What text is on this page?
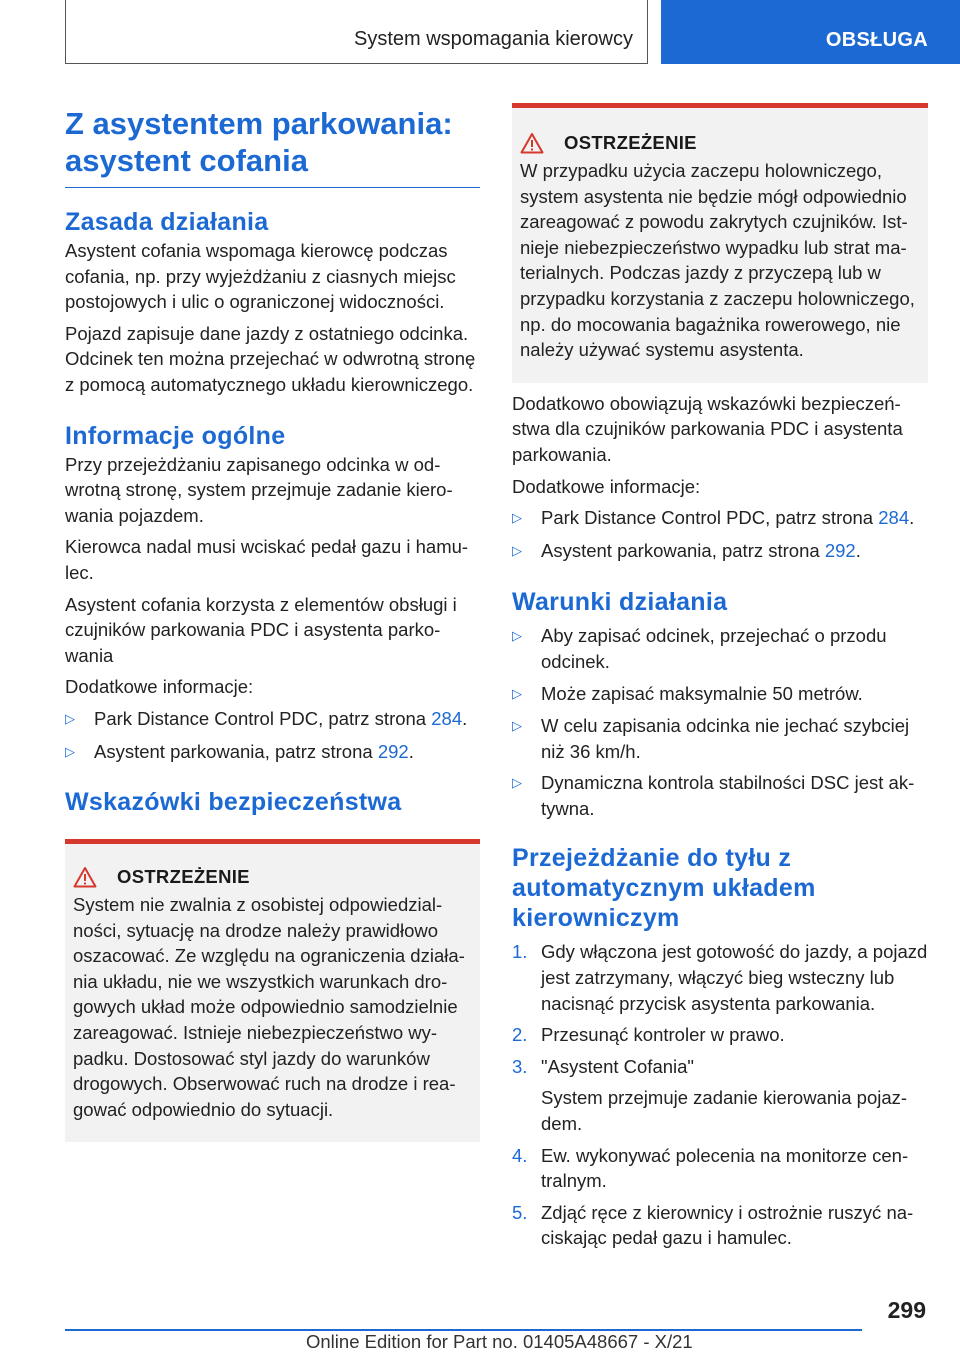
System wspomagania kierowcy	OBSŁUGA
Z asystentem parkowania: asystent cofania
Zasada działania

Asystent cofania wspomaga kierowcę podczas cofania, np. przy wyjeżdżaniu z ciasnych miejsc postojowych i ulic o ograniczonej widoczności.

Pojazd zapisuje dane jazdy z ostatniego odcinka. Odcinek ten można przejechać w odwrotną stronę z pomocą automatycznego układu kierowniczego.

Informacje ogólne

Przy przejeżdżaniu zapisanego odcinka w odwrotną stronę, system przejmuje zadanie kierowania pojazdem.

Kierowca nadal musi wciskać pedał gazu i hamulec.

Asystent cofania korzysta z elementów obsługi i czujników parkowania PDC i asystenta parkowania

Dodatkowe informacje:

▷	Park Distance Control PDC, patrz strona 284.
▷	Asystent parkowania, patrz strona 292.
Wskazówki bezpieczeństwa
OSTRZEŻENIE

System nie zwalnia z osobistej odpowiedzialności, sytuację na drodze należy prawidłowo oszacować. Ze względu na ograniczenia działania układu, nie we wszystkich warunkach drogowych układ może odpowiednio samodzielnie zareagować. Istnieje niebezpieczeństwo wypadku. Dostosować styl jazdy do warunków drogowych. Obserwować ruch na drodze i reagować odpowiednio do sytuacji.

OSTRZEŻENIE

W przypadku użycia zaczepu holowniczego, system asystenta nie będzie mógł odpowiednio zareagować z powodu zakrytych czujników. Istnieje niebezpieczeństwo wypadku lub strat materialnych. Podczas jazdy z przyczepą lub w przypadku korzystania z zaczepu holowniczego, np. do mocowania bagażnika rowerowego, nie należy używać systemu asystenta.

Dodatkowo obowiązują wskazówki bezpieczeństwa dla czujników parkowania PDC i asystenta parkowania.

Dodatkowe informacje:

▷	Park Distance Control PDC, patrz strona 284.
▷	Asystent parkowania, patrz strona 292.
Warunki działania
▷	Aby zapisać odcinek, przejechać o przodu odcinek.
▷	Może zapisać maksymalnie 50 metrów.
▷	W celu zapisania odcinka nie jechać szybciej niż 36 km/h.
▷	Dynamiczna kontrola stabilności DSC jest aktywna.
Przejeżdżanie do tyłu z automatycznym układem kierowniczym
1. Gdy włączona jest gotowość do jazdy, a pojazd jest zatrzymany, włączyć bieg wsteczny lub nacisnąć przycisk asystenta parkowania.
2. Przesunąć kontroler w prawo.
3. "Asystent Cofania"

System przejmuje zadanie kierowania pojazdem.

4. Ew. wykonywać polecenia na monitorze centralnym.
5. Zdjąć ręce z kierownicy i ostrożnie ruszyć naciskając pedał gazu i hamulec.
299
Online Edition for Part no. 01405A48667 - X/21
